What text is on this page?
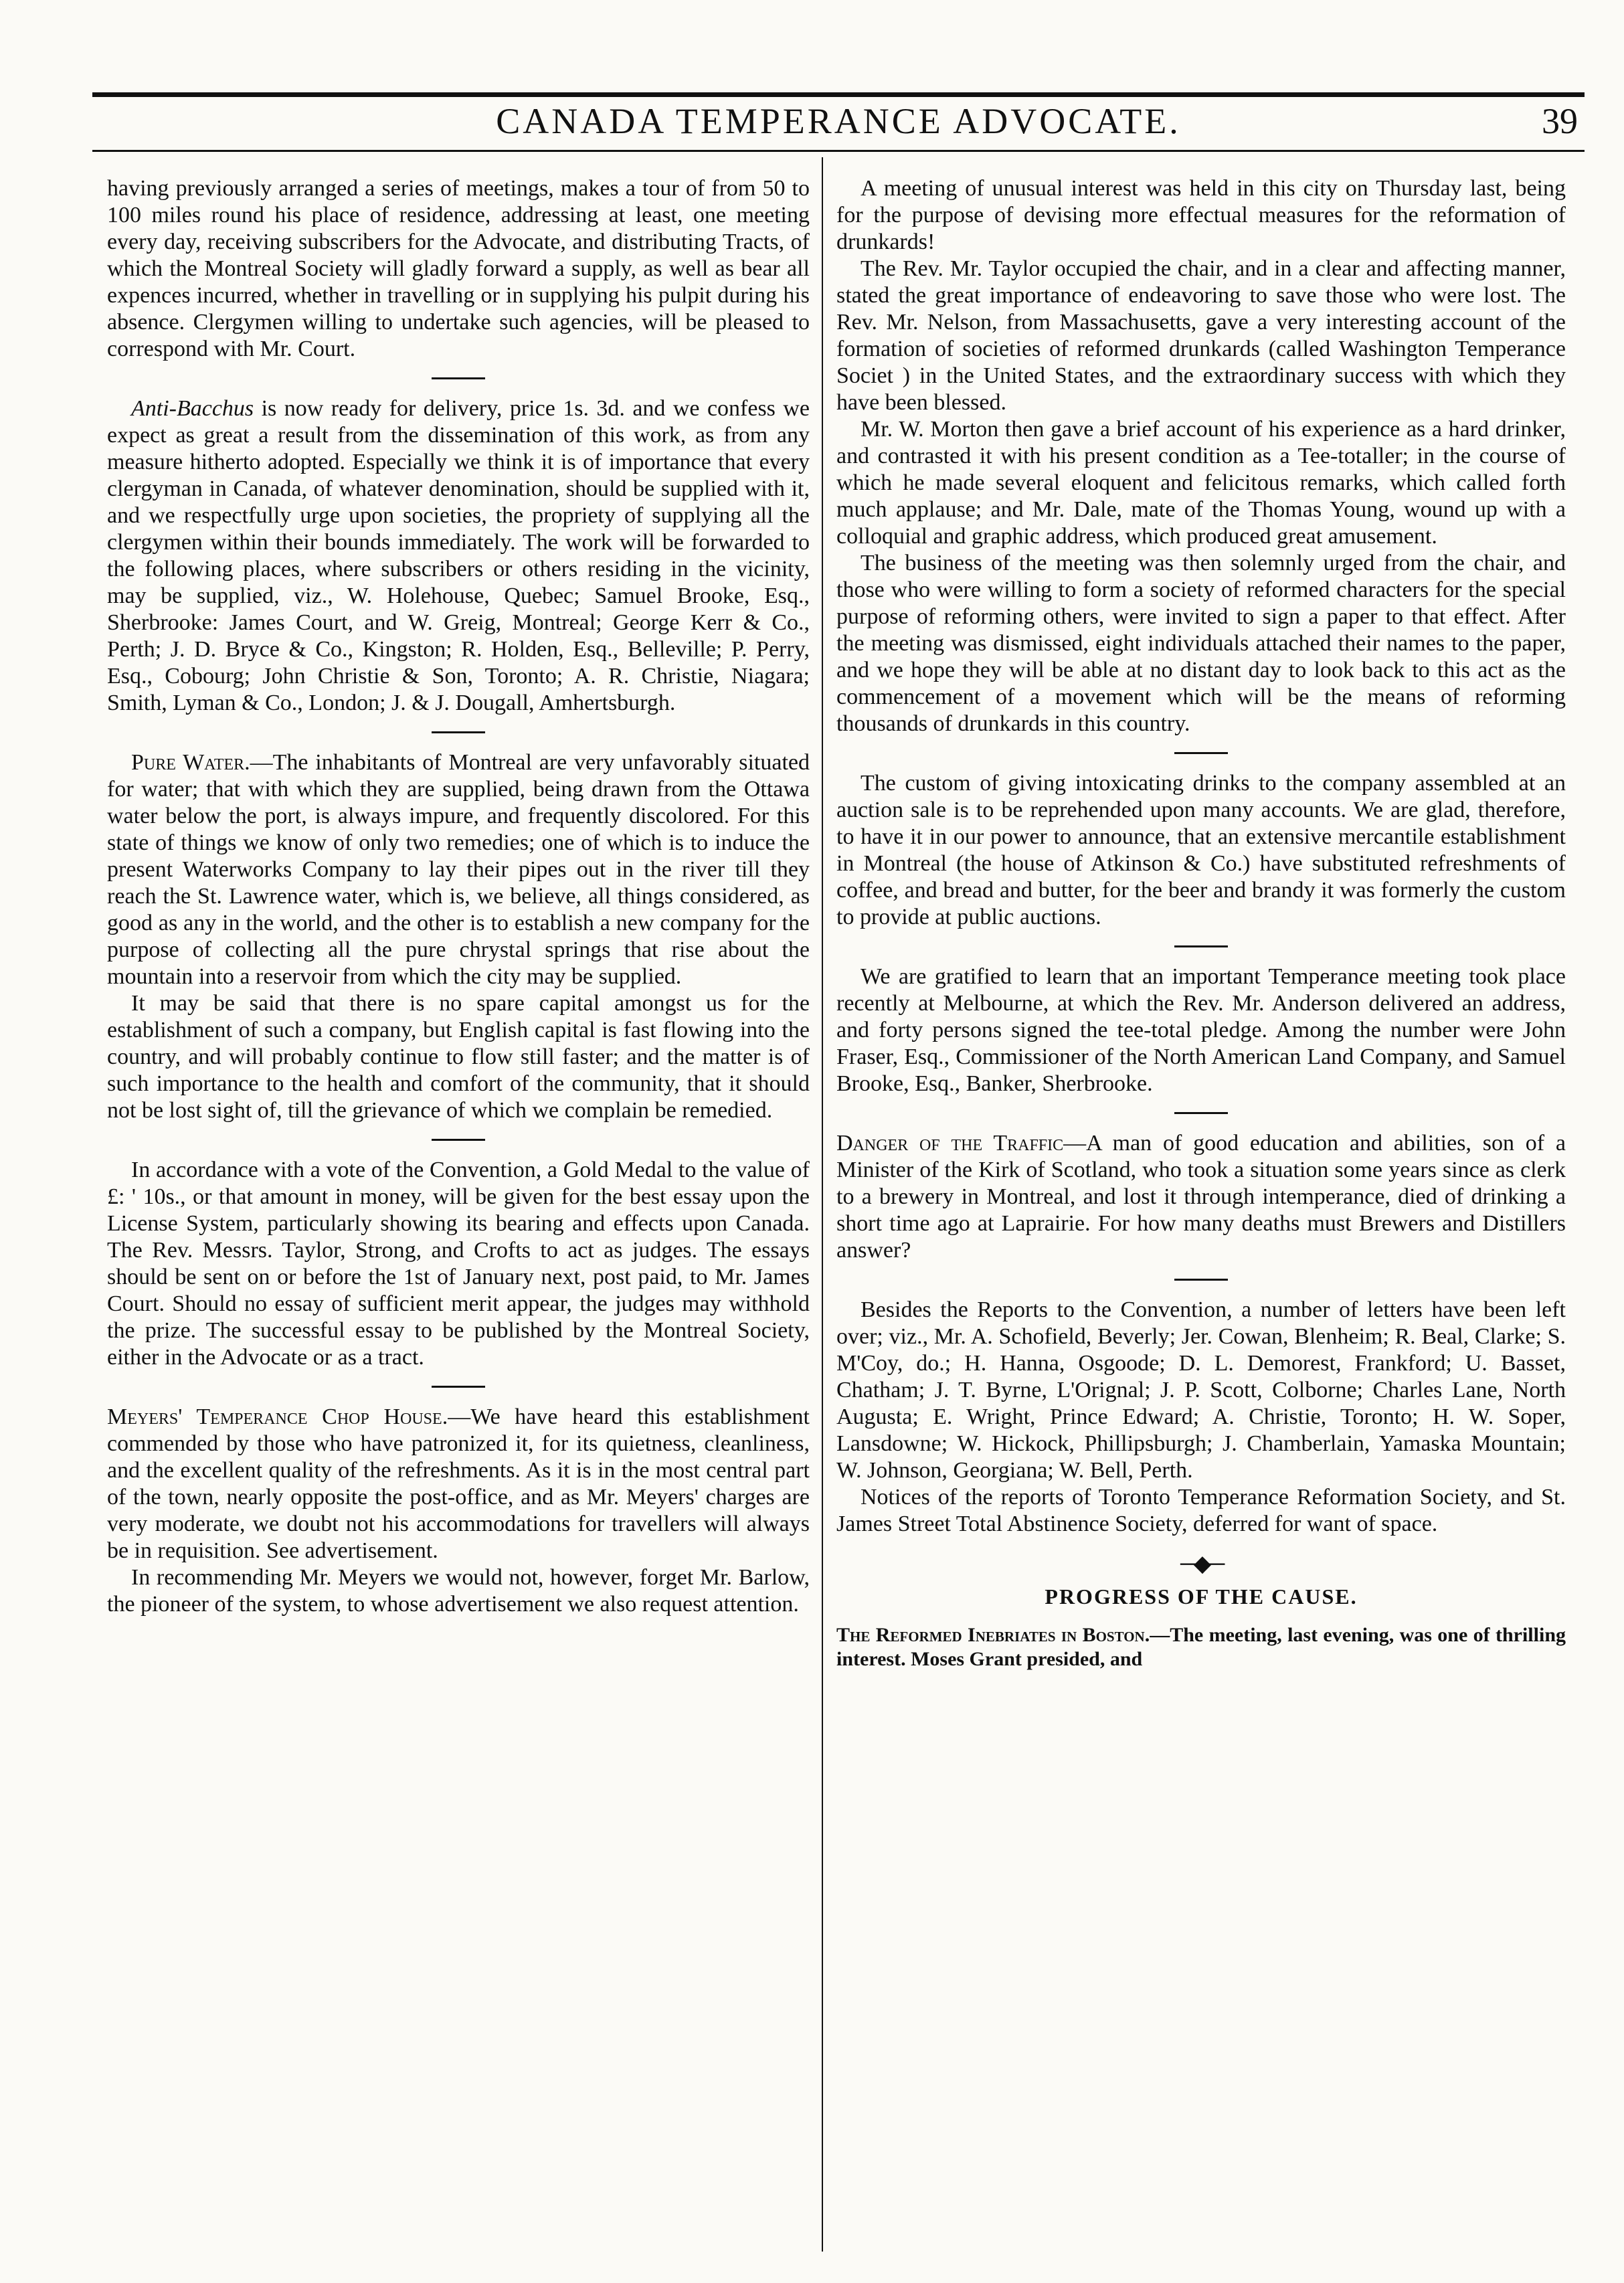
CANADA TEMPERANCE ADVOCATE.	39

having previously arranged a series of meetings, makes a tour of from 50 to 100 miles round his place of residence, addressing at least, one meeting every day, receiving subscribers for the Advocate, and distributing Tracts, of which the Montreal Society will gladly forward a supply, as well as bear all expences incurred, whether in travelling or in supplying his pulpit during his absence. Clergymen willing to undertake such agencies, will be pleased to correspond with Mr. Court.

Anti-Bacchus is now ready for delivery, price 1s. 3d. and we confess we expect as great a result from the dissemination of this work, as from any measure hitherto adopted. Especially we think it is of importance that every clergyman in Canada, of whatever denomination, should be supplied with it, and we respectfully urge upon societies, the propriety of supplying all the clergymen within their bounds immediately. The work will be forwarded to the following places, where subscribers or others residing in the vicinity, may be supplied, viz., W. Holehouse, Quebec; Samuel Brooke, Esq., Sherbrooke: James Court, and W. Greig, Montreal; George Kerr & Co., Perth; J. D. Bryce & Co., Kingston; R. Holden, Esq., Belleville; P. Perry, Esq., Cobourg; John Christie & Son, Toronto; A. R. Christie, Niagara; Smith, Lyman & Co., London; J. & J. Dougall, Amhertsburgh.

Pure Water.—The inhabitants of Montreal are very unfavorably situated for water; that with which they are supplied, being drawn from the Ottawa water below the port, is always impure, and frequently discolored. For this state of things we know of only two remedies; one of which is to induce the present Waterworks Company to lay their pipes out in the river till they reach the St. Lawrence water, which is, we believe, all things considered, as good as any in the world, and the other is to establish a new company for the purpose of collecting all the pure chrystal springs that rise about the mountain into a reservoir from which the city may be supplied.

It may be said that there is no spare capital amongst us for the establishment of such a company, but English capital is fast flowing into the country, and will probably continue to flow still faster; and the matter is of such importance to the health and comfort of the community, that it should not be lost sight of, till the grievance of which we complain be remedied.

In accordance with a vote of the Convention, a Gold Medal to the value of £: ' 10s., or that amount in money, will be given for the best essay upon the License System, particularly showing its bearing and effects upon Canada. The Rev. Messrs. Taylor, Strong, and Crofts to act as judges. The essays should be sent on or before the 1st of January next, post paid, to Mr. James Court. Should no essay of sufficient merit appear, the judges may withhold the prize. The successful essay to be published by the Montreal Society, either in the Advocate or as a tract.

Meyers' Temperance Chop House.—We have heard this establishment commended by those who have patronized it, for its quietness, cleanliness, and the excellent quality of the refreshments. As it is in the most central part of the town, nearly opposite the post-office, and as Mr. Meyers' charges are very moderate, we doubt not his accommodations for travellers will always be in requisition. See advertisement.

In recommending Mr. Meyers we would not, however, forget Mr. Barlow, the pioneer of the system, to whose advertisement we also request attention.

A meeting of unusual interest was held in this city on Thursday last, being for the purpose of devising more effectual measures for the reformation of drunkards!

The Rev. Mr. Taylor occupied the chair, and in a clear and affecting manner, stated the great importance of endeavoring to save those who were lost. The Rev. Mr. Nelson, from Massachusetts, gave a very interesting account of the formation of societies of reformed drunkards (called Washington Temperance Societ ) in the United States, and the extraordinary success with which they have been blessed.

Mr. W. Morton then gave a brief account of his experience as a hard drinker, and contrasted it with his present condition as a Tee-totaller; in the course of which he made several eloquent and felicitous remarks, which called forth much applause; and Mr. Dale, mate of the Thomas Young, wound up with a colloquial and graphic address, which produced great amusement.

The business of the meeting was then solemnly urged from the chair, and those who were willing to form a society of reformed characters for the special purpose of reforming others, were invited to sign a paper to that effect. After the meeting was dismissed, eight individuals attached their names to the paper, and we hope they will be able at no distant day to look back to this act as the commencement of a movement which will be the means of reforming thousands of drunkards in this country.

The custom of giving intoxicating drinks to the company assembled at an auction sale is to be reprehended upon many accounts. We are glad, therefore, to have it in our power to announce, that an extensive mercantile establishment in Montreal (the house of Atkinson & Co.) have substituted refreshments of coffee, and bread and butter, for the beer and brandy it was formerly the custom to provide at public auctions.

We are gratified to learn that an important Temperance meeting took place recently at Melbourne, at which the Rev. Mr. Anderson delivered an address, and forty persons signed the tee-total pledge. Among the number were John Fraser, Esq., Commissioner of the North American Land Company, and Samuel Brooke, Esq., Banker, Sherbrooke.

Danger of the Traffic—A man of good education and abilities, son of a Minister of the Kirk of Scotland, who took a situation some years since as clerk to a brewery in Montreal, and lost it through intemperance, died of drinking a short time ago at Laprairie. For how many deaths must Brewers and Distillers answer?

Besides the Reports to the Convention, a number of letters have been left over; viz., Mr. A. Schofield, Beverly; Jer. Cowan, Blenheim; R. Beal, Clarke; S. M'Coy, do.; H. Hanna, Osgoode; D. L. Demorest, Frankford; U. Basset, Chatham; J. T. Byrne, L'Orignal; J. P. Scott, Colborne; Charles Lane, North Augusta; E. Wright, Prince Edward; A. Christie, Toronto; H. W. Soper, Lansdowne; W. Hickock, Phillipsburgh; J. Chamberlain, Yamaska Mountain; W. Johnson, Georgiana; W. Bell, Perth.

Notices of the reports of Toronto Temperance Reformation Society, and St. James Street Total Abstinence Society, deferred for want of space.

─◆─
PROGRESS OF THE CAUSE.

The Reformed Inebriates in Boston.—The meeting, last evening, was one of thrilling interest. Moses Grant presided, and
